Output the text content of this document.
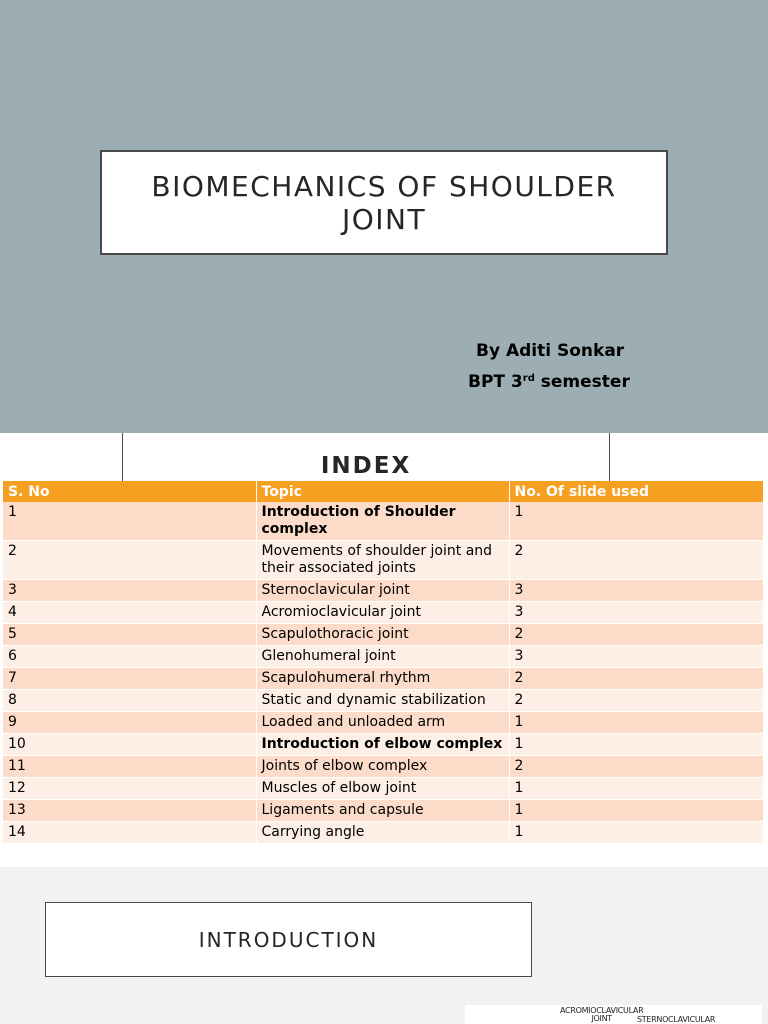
BIOMECHANICS OF SHOULDER JOINT
By Aditi Sonkar
BPT 3rd semester
INDEX
S. No	Topic	No. Of slide used
1	Introduction of Shoulder complex	1
2	Movements of shoulder joint and their associated joints	2
3	Sternoclavicular joint	3
4	Acromioclavicular joint	3
5	Scapulothoracic joint	2
6	Glenohumeral joint	3
7	Scapulohumeral rhythm	2
8	Static and dynamic stabilization	2
9	Loaded and unloaded arm	1
10	Introduction of elbow complex	1
11	Joints of elbow complex	2
12	Muscles of elbow joint	1
13	Ligaments and capsule	1
14	Carrying angle	1
INTRODUCTION
ACROMIOCLAVICULAR
JOINT	STERNOCLAVICULAR
